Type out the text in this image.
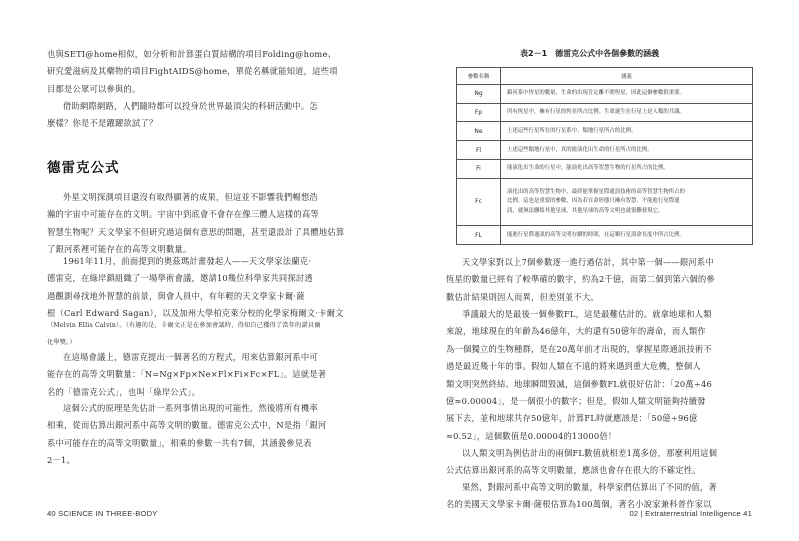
也與SETI@home相似，如分析和計算蛋白質結構的項目Folding@home、
研究愛滋病及其藥物的項目FightAIDS@home，單從名稱就能知道，這些項
目都是公眾可以參與的。

借助網際網路，人們隨時都可以投身於世界最頂尖的科研活動中。怎
麼樣？你是不是躍躍欲試了？

德雷克公式

外星文明探測項目還沒有取得顯著的成果，但這並不影響我們暢想浩
瀚的宇宙中可能存在的文明。宇宙中到底會不會存在像三體人這樣的高等
智慧生物呢？天文學家不但研究過這個有意思的問題，甚至還設計了具體地估算
了銀河系裡可能存在的高等文明數量。

1961年11月，前面提到的奧茲瑪計畫發起人——天文學家法蘭克·
德雷克，在綠岸鎮組織了一場學術會議，邀請10幾位科學家共同探討透
過觀測尋找地外智慧的前景，與會人員中，有年輕的天文學家卡爾·薩
根（Carl Edward Sagan），以及加州大學柏克萊分校的化學家梅爾文·卡爾文

（Melvin Ellis Calvin）。（有趣的是，卡爾文正是在參加會議時，得知自己獲得了當年的諾貝爾
化學獎。）

在這場會議上，德雷克提出一個著名的方程式，用來估算銀河系中可
能存在的高等文明數量：「N=Ng×Fp×Ne×Fl×Fi×Fc×FL」。這就是著
名的「德雷克公式」，也叫「綠岸公式」。

這個公式的原理是先估計一系列事情出現的可能性，然後將所有機率
相乘，從而估算出銀河系中高等文明的數量。德雷克公式中，N是指「銀河
系中可能存在的高等文明數量」，相乘的參數一共有7個，其涵義參見表
2－1。

40 SCIENCE IN THREE-BODY	02 | Extraterrestrial Intelligence 41

表2－1　德雷克公式中各個參數的涵義

參數名稱	涵義
Ng	銀河系中恆星的數量，生命的出現肯定離不開恆星，因此這個參數很重要。
Fp	所有恆星中，擁有行星的恆星所占比例。生命誕生在行星上是人類的共識。
Ne	上述這些行星所在的行星系中，類地行星所占的比例。
Fl	上述這些類地行星中，真的能演化出生命的行星所占的比例。
Fi	能演化出生命的行星中，能演化出高等智慧生物的行星所占的比例。
Fc	演化出的高等智慧生物中，最終能掌握星際通訊技術的高等智慧生物所占的
比例。這也是重要的參數，因為若在命形態只擁有智慧、不能進行星際通
訊，就無法聯絡其他星球，其他星球的高等文明也就很難發現它。
FL	能進行星際通訊的高等文明存續的時間，在這顆行星壽命長度中所占比例。

天文學家對以上7個參數逐一進行過估計，其中第一個——銀河系中
恆星的數量已經有了較準確的數字，約為2千億，而第二個到第六個的參
數估計結果則因人而異，但差別並不大。

爭議最大的是最後一個參數FL，這是最難估計的。就拿地球和人類
來說，地球現在的年齡為46億年，大約還有50億年的壽命，而人類作
為一個獨立的生物種群，是在20萬年前才出現的，掌握星際通訊技術不
過是最近幾十年的事。假如人類在不遠的將來遇到重大危機，整個人
類文明突然終結、地球瞬間毀滅，這個參數FL就很好估計：「20萬÷46
億≈0.00004」，是一個很小的數字；但是，假如人類文明能夠持續發
展下去，並和地球共存50億年，計算FL時就應該是：「50億÷96億
≈0.52」，這個數值是0.00004的13000倍！

以人類文明為例估計出的兩個FL數值就相差1萬多倍，那麼利用這個
公式估算出銀河系的高等文明數量，應該也會存在很大的不確定性。

果然，對銀河系中高等文明的數量，科學家們估算出了不同的值，著
名的美國天文學家卡爾·薩根估算為100萬個，著名小說家兼科普作家以
